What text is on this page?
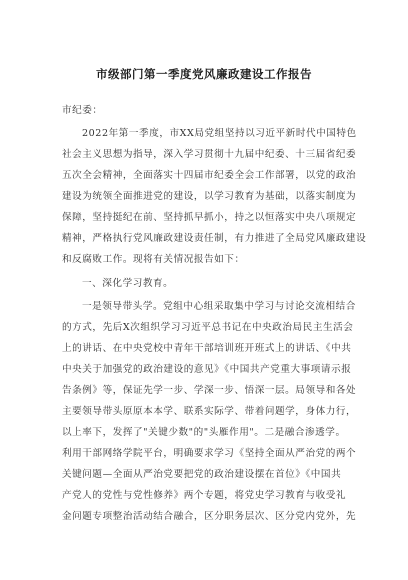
市级部门第一季度党风廉政建设工作报告
市纪委：
2022年第一季度，市XX局党组坚持以习近平新时代中国特色
社会主义思想为指导，深入学习贯彻十九届中纪委、十三届省纪委
五次全会精神，全面落实十四届市纪委全会工作部署，以党的政治
建设为统领全面推进党的建设，以学习教育为基础，以落实制度为
保障，坚持挺纪在前、坚持抓早抓小，持之以恒落实中央八项规定
精神，严格执行党风廉政建设责任制，有力推进了全局党风廉政建设
和反腐败工作。现将有关情况报告如下：
一、深化学习教育。
一是领导带头学。党组中心组采取集中学习与讨论交流相结合
的方式，先后X次组织学习习近平总书记在中央政治局民主生活会
上的讲话、在中央党校中青年干部培训班开班式上的讲话、《中共
中央关于加强党的政治建设的意见》《中国共产党重大事项请示报
告条例》等，保证先学一步、学深一步、悟深一层。局领导和各处
主要领导带头原原本本学、联系实际学、带着问题学，身体力行，
以上率下，发挥了"关键少数"的"头雁作用"。二是融合渗透学。
利用干部网络学院平台，明确要求学习《坚持全面从严治党的两个
关键问题—全面从严治党要把党的政治建设摆在首位》《中国共
产党人的党性与党性修养》两个专题，将党史学习教育与收受礼
金问题专项整治活动结合融合，区分职务层次、区分党内党外，先
